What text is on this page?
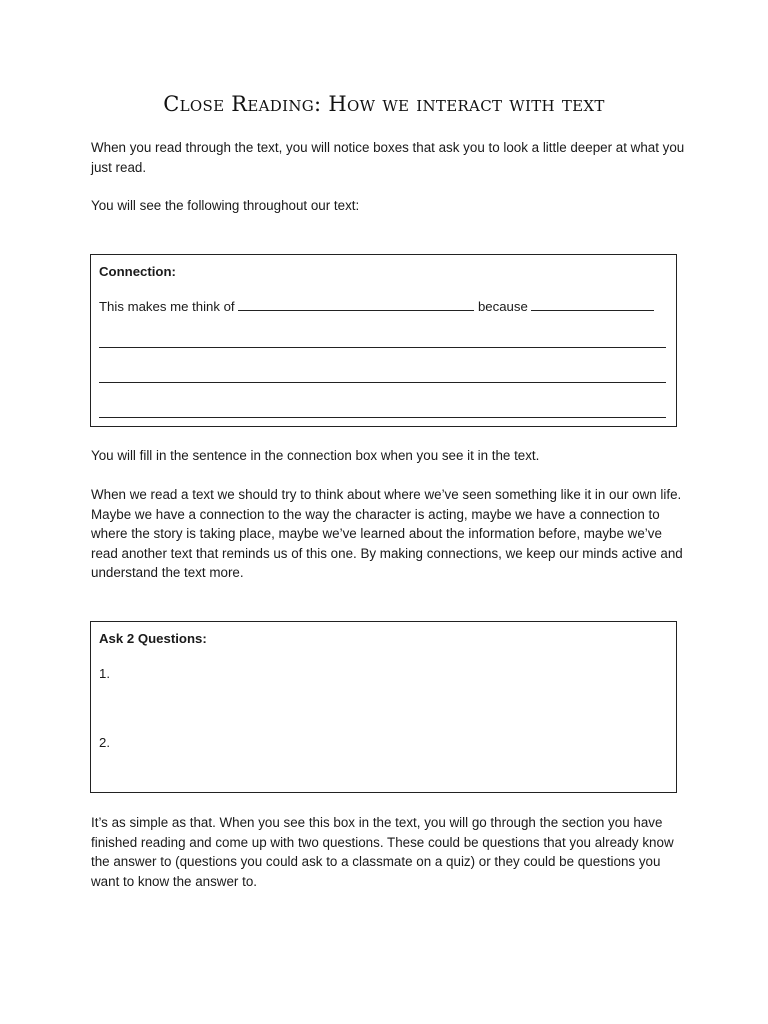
Close Reading: How we interact with text

When you read through the text, you will notice boxes that ask you to look a little deeper at what you just read.

You will see the following throughout our text:

Connection:
This makes me think of	because

You will fill in the sentence in the connection box when you see it in the text.

When we read a text we should try to think about where we’ve seen something like it in our own life. Maybe we have a connection to the way the character is acting, maybe we have a connection to where the story is taking place, maybe we’ve learned about the information before, maybe we’ve read another text that reminds us of this one. By making connections, we keep our minds active and understand the text more.

Ask 2 Questions:
1.
2.

It’s as simple as that. When you see this box in the text, you will go through the section you have finished reading and come up with two questions. These could be questions that you already know the answer to (questions you could ask to a classmate on a quiz) or they could be questions you want to know the answer to.
